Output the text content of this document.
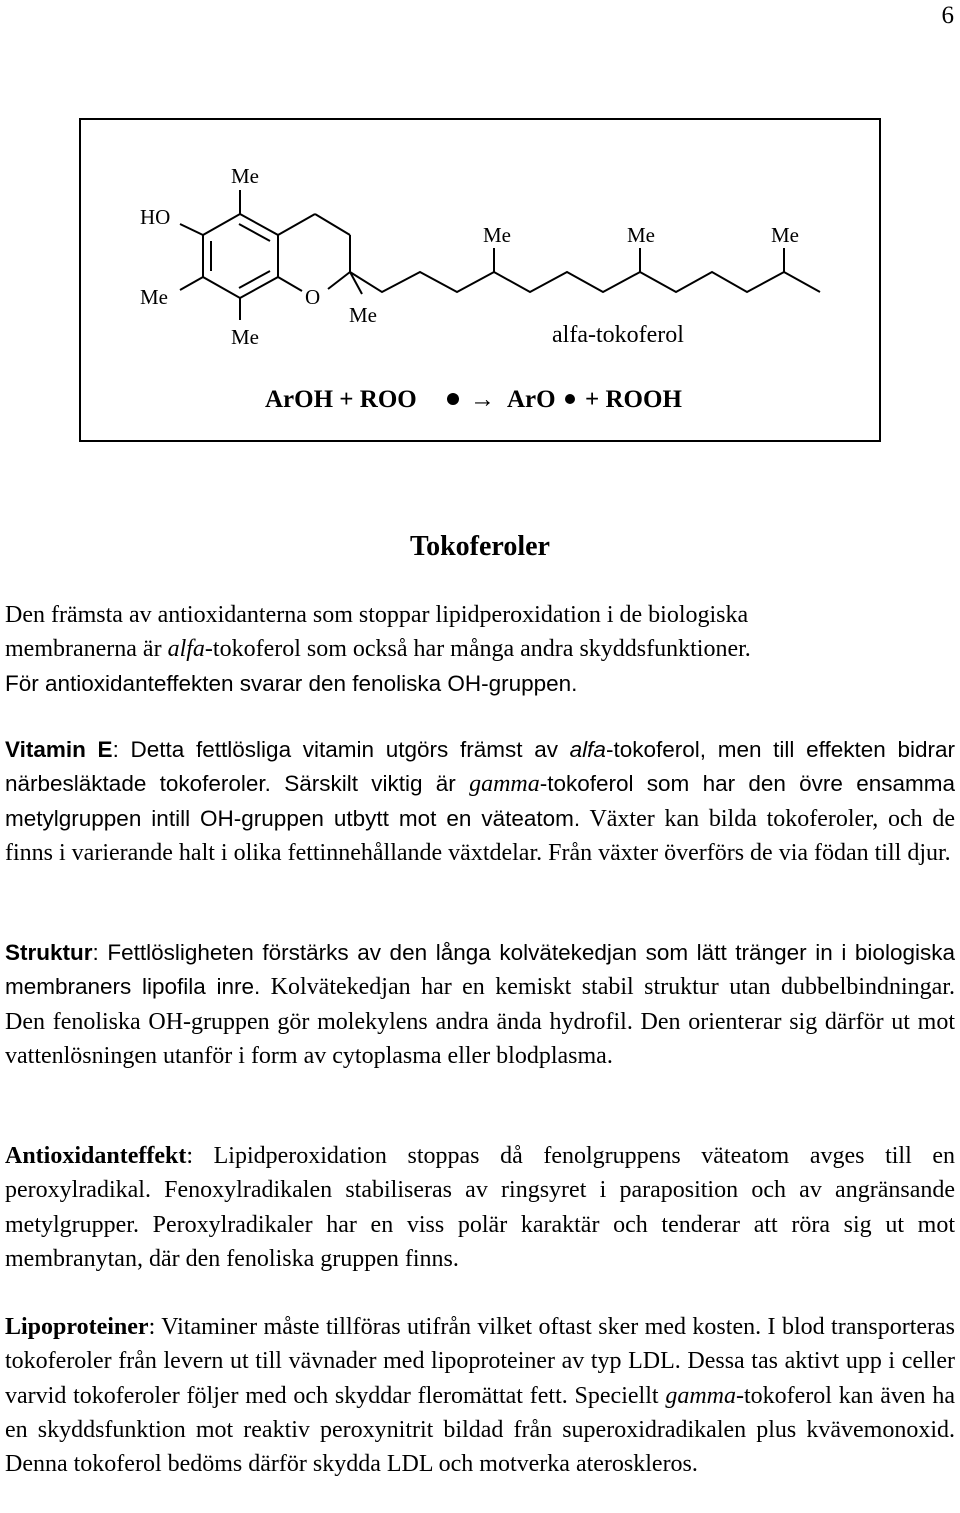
6
HO
Me
Me
Me
O
Me
Me	Me	Me
alfa-tokoferol
ArOH + ROO → ArO + ROOH
Tokoferoler

Den främsta av antioxidanterna som stoppar lipidperoxidation i de biologiska
membranerna är alfa-tokoferol som också har många andra skyddsfunktioner.
För antioxidanteffekten svarar den fenoliska OH-gruppen.

Vitamin E: Detta fettlösliga vitamin utgörs främst av alfa-tokoferol, men till effekten bidrar närbesläktade tokoferoler. Särskilt viktig är gamma-tokoferol som har den övre ensamma metylgruppen intill OH-gruppen utbytt mot en väteatom. Växter kan bilda tokoferoler, och de finns i varierande halt i olika fettinnehållande växtdelar. Från växter överförs de via födan till djur.

Struktur: Fettlösligheten förstärks av den långa kolvätekedjan som lätt tränger in i biologiska membraners lipofila inre. Kolvätekedjan har en kemiskt stabil struktur utan dubbelbindningar. Den fenoliska OH-gruppen gör molekylens andra ända hydrofil. Den orienterar sig därför ut mot vattenlösningen utanför i form av cytoplasma eller blodplasma.

Antioxidanteffekt: Lipidperoxidation stoppas då fenolgruppens väteatom avges till en peroxylradikal. Fenoxylradikalen stabiliseras av ringsyret i paraposition och av angränsande metylgrupper. Peroxylradikaler har en viss polär karaktär och tenderar att röra sig ut mot membranytan, där den fenoliska gruppen finns.

Lipoproteiner: Vitaminer måste tillföras utifrån vilket oftast sker med kosten. I blod transporteras tokoferoler från levern ut till vävnader med lipoproteiner av typ LDL. Dessa tas aktivt upp i celler varvid tokoferoler följer med och skyddar fleromättat fett. Speciellt gamma-tokoferol kan även ha en skyddsfunktion mot reaktiv peroxynitrit bildad från superoxidradikalen plus kvävemonoxid. Denna tokoferol bedöms därför skydda LDL och motverka ateroskleros.
